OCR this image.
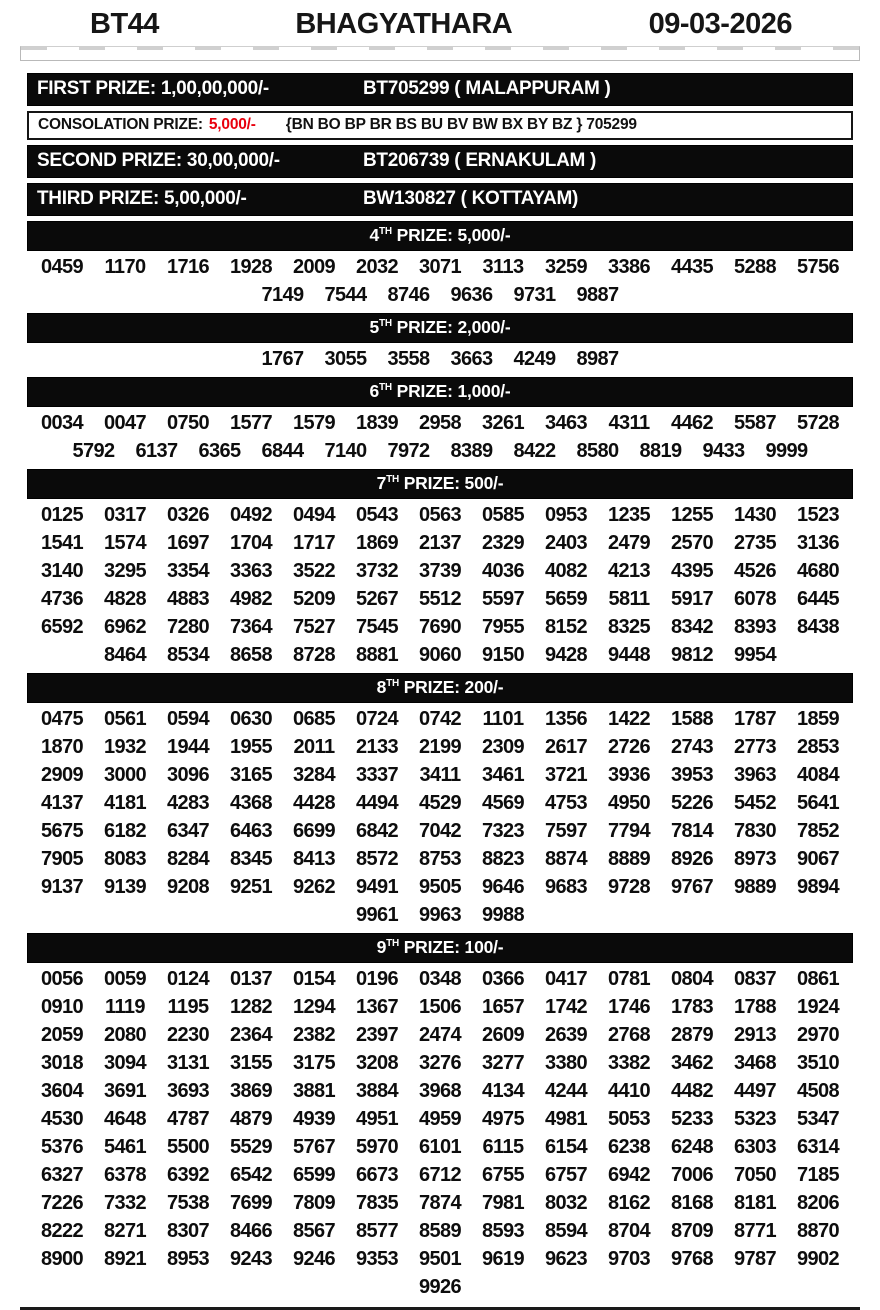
BT44	BHAGYATHARA	09-03-2026
FIRST PRIZE: 1,00,00,000/-	BT705299 ( MALAPPURAM )
CONSOLATION PRIZE: 5,000/- {BN BO BP BR BS BU BV BW BX BY BZ } 705299
SECOND PRIZE: 30,00,000/-	BT206739 ( ERNAKULAM )
THIRD PRIZE: 5,00,000/-	BW130827 ( KOTTAYAM)
4TH PRIZE: 5,000/-
0459	1170	1716	1928	2009	2032	3071	3113	3259	3386	4435	5288	5756
7149	7544	8746	9636	9731	9887
5TH PRIZE: 2,000/-
1767	3055	3558	3663	4249	8987
6TH PRIZE: 1,000/-
0034	0047	0750	1577	1579	1839	2958	3261	3463	4311	4462	5587	5728
5792	6137	6365	6844	7140	7972	8389	8422	8580	8819	9433	9999
7TH PRIZE: 500/-
0125	0317	0326	0492	0494	0543	0563	0585	0953	1235	1255	1430	1523
1541	1574	1697	1704	1717	1869	2137	2329	2403	2479	2570	2735	3136
3140	3295	3354	3363	3522	3732	3739	4036	4082	4213	4395	4526	4680
4736	4828	4883	4982	5209	5267	5512	5597	5659	5811	5917	6078	6445
6592	6962	7280	7364	7527	7545	7690	7955	8152	8325	8342	8393	8438
8464	8534	8658	8728	8881	9060	9150	9428	9448	9812	9954
8TH PRIZE: 200/-
0475	0561	0594	0630	0685	0724	0742	1101	1356	1422	1588	1787	1859
1870	1932	1944	1955	2011	2133	2199	2309	2617	2726	2743	2773	2853
2909	3000	3096	3165	3284	3337	3411	3461	3721	3936	3953	3963	4084
4137	4181	4283	4368	4428	4494	4529	4569	4753	4950	5226	5452	5641
5675	6182	6347	6463	6699	6842	7042	7323	7597	7794	7814	7830	7852
7905	8083	8284	8345	8413	8572	8753	8823	8874	8889	8926	8973	9067
9137	9139	9208	9251	9262	9491	9505	9646	9683	9728	9767	9889	9894
9961	9963	9988
9TH PRIZE: 100/-
0056	0059	0124	0137	0154	0196	0348	0366	0417	0781	0804	0837	0861
0910	1119	1195	1282	1294	1367	1506	1657	1742	1746	1783	1788	1924
2059	2080	2230	2364	2382	2397	2474	2609	2639	2768	2879	2913	2970
3018	3094	3131	3155	3175	3208	3276	3277	3380	3382	3462	3468	3510
3604	3691	3693	3869	3881	3884	3968	4134	4244	4410	4482	4497	4508
4530	4648	4787	4879	4939	4951	4959	4975	4981	5053	5233	5323	5347
5376	5461	5500	5529	5767	5970	6101	6115	6154	6238	6248	6303	6314
6327	6378	6392	6542	6599	6673	6712	6755	6757	6942	7006	7050	7185
7226	7332	7538	7699	7809	7835	7874	7981	8032	8162	8168	8181	8206
8222	8271	8307	8466	8567	8577	8589	8593	8594	8704	8709	8771	8870
8900	8921	8953	9243	9246	9353	9501	9619	9623	9703	9768	9787	9902
9926
